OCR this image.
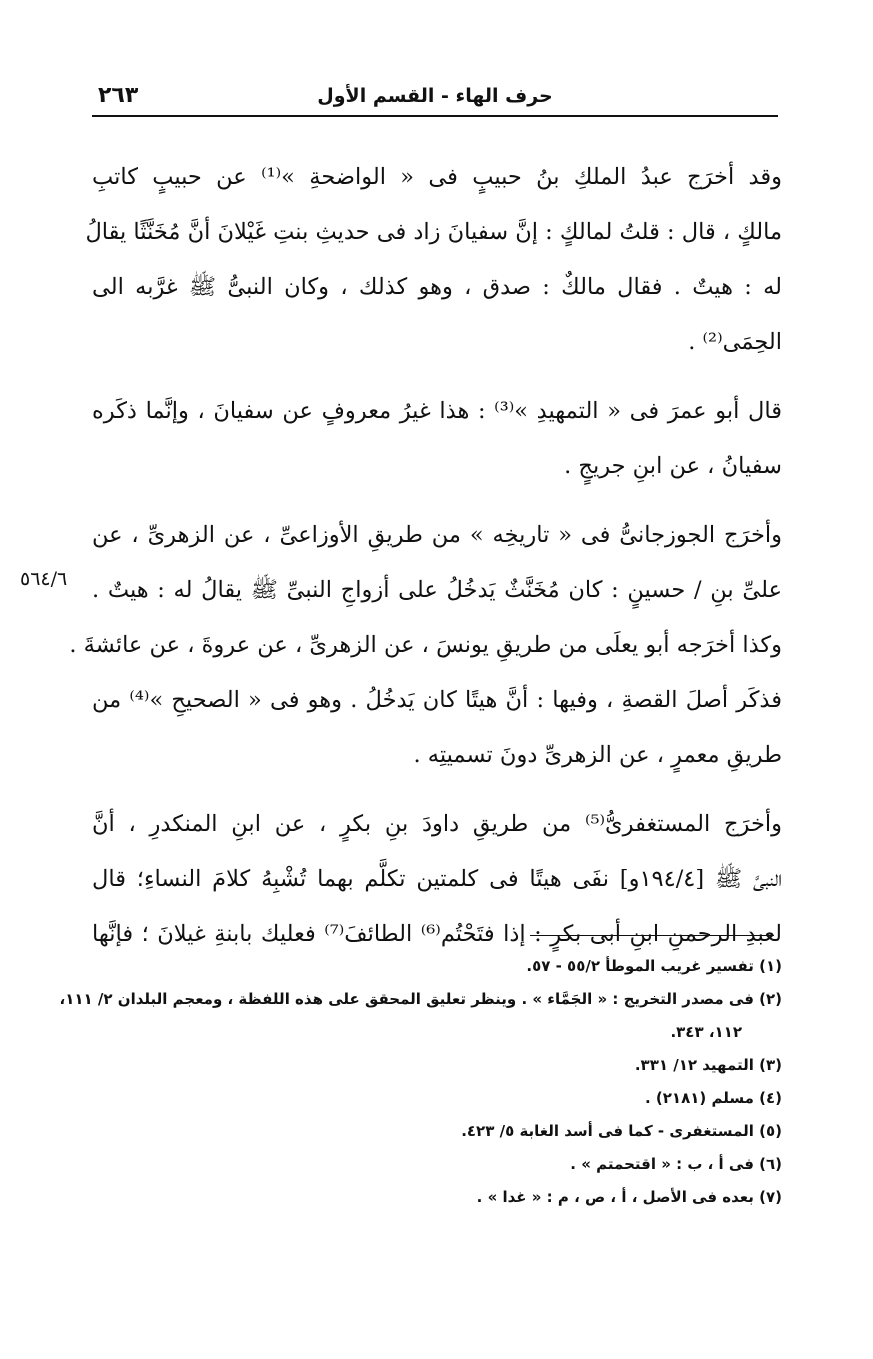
حرف الهاء - القسم الأول
٢٦٣
٥٦٤/٦
وقد أخرَج عبدُ الملكِ بنُ حبيبٍ فى « الواضحةِ »⁽¹⁾ عن حبيبٍ كاتبِ
مالكٍ ، قال : قلتُ لمالكٍ : إنَّ سفيانَ زاد فى حديثِ بنتِ غَيْلانَ أنَّ مُخَنَّثًا يقالُ
له : هيتٌ . فقال مالكٌ : صدق ، وهو كذلك ، وكان النبىُّ ﷺ غرَّبه الى
الحِمَى⁽²⁾ .
قال أبو عمرَ فى « التمهيدِ »⁽³⁾ : هذا غيرُ معروفٍ عن سفيانَ ، وإنَّما ذكَره
سفيانُ ، عن ابنِ جريجٍ .
وأخرَج الجوزجانىُّ فى « تاريخِه » من طريقِ الأوزاعىِّ ، عن الزهرىِّ ، عن
علىِّ بنِ / حسينٍ : كان مُخَنَّثٌ يَدخُلُ على أزواجِ النبىِّ ﷺ يقالُ له : هيتٌ .
وكذا أخرَجه أبو يعلَى من طريقِ يونسَ ، عن الزهرىِّ ، عن عروةَ ، عن عائشةَ .
فذكَر أصلَ القصةِ ، وفيها : أنَّ هيتًا كان يَدخُلُ . وهو فى « الصحيحِ »⁽⁴⁾ من
طريقِ معمرٍ ، عن الزهرىِّ دونَ تسميتِه .
وأخرَج المستغفرىُّ⁽⁵⁾ من طريقِ داودَ بنِ بكرٍ ، عن ابنِ المنكدرِ ، أنَّ
النبىَّ ﷺ [١٩٤/٤و] نفَى هيتًا فى كلمتين تكلَّم بهما تُشْبِهُ كلامَ النساءِ؛ قال
لعبدِ الرحمنِ ابنِ أبى بكرٍ : إذا فتَحْتُم⁽⁶⁾ الطائفَ⁽⁷⁾ فعليك بابنةِ غيلانَ ؛ فإنَّها
(١) تفسير غريب الموطأ ٥٥/٢ - ٥٧.
(٢) فى مصدر التخريج : « الجَمَّاء » . وينظر تعليق المحقق على هذه اللفظة ، ومعجم البلدان ٢/ ١١١،
١١٢، ٣٤٣.
(٣) التمهيد ١٢/ ٣٣١.
(٤) مسلم (٢١٨١) .
(٥) المستغفرى - كما فى أسد الغابة ٥/ ٤٢٣.
(٦) فى أ ، ب : « اقتحمتم » .
(٧) بعده فى الأصل ، أ ، ص ، م : « غدا » .
